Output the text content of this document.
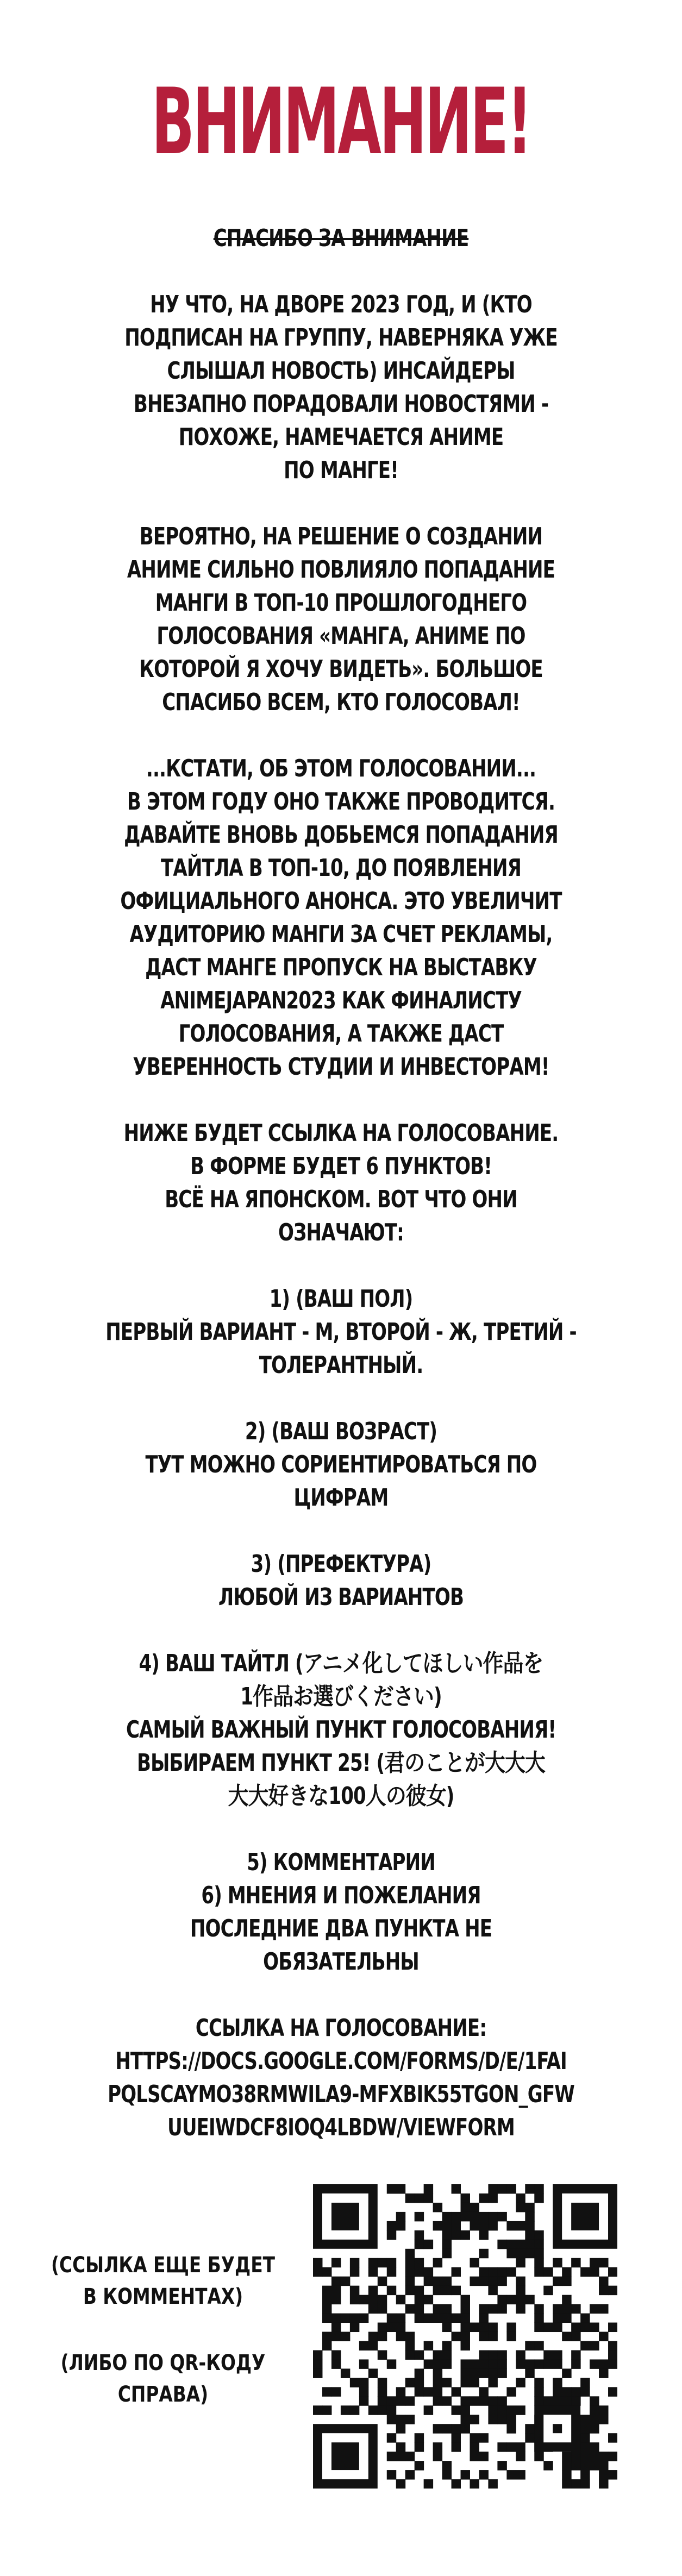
ВНИМАНИЕ!
СПАСИБО ЗА ВНИМАНИЕ
НУ ЧТО, НА ДВОРЕ 2023 ГОД, И (КТО
ПОДПИСАН НА ГРУППУ, НАВЕРНЯКА УЖЕ
СЛЫШАЛ НОВОСТЬ) ИНСАЙДЕРЫ
ВНЕЗАПНО ПОРАДОВАЛИ НОВОСТЯМИ -
ПОХОЖЕ, НАМЕЧАЕТСЯ АНИМЕ
ПО МАНГЕ!
ВЕРОЯТНО, НА РЕШЕНИЕ О СОЗДАНИИ
АНИМЕ СИЛЬНО ПОВЛИЯЛО ПОПАДАНИЕ
МАНГИ В ТОП-10 ПРОШЛОГОДНЕГО
ГОЛОСОВАНИЯ «МАНГА, АНИМЕ ПО
КОТОРОЙ Я ХОЧУ ВИДЕТЬ». БОЛЬШОЕ
СПАСИБО ВСЕМ, КТО ГОЛОСОВАЛ!
...КСТАТИ, ОБ ЭТОМ ГОЛОСОВАНИИ...
В ЭТОМ ГОДУ ОНО ТАКЖЕ ПРОВОДИТСЯ.
ДАВАЙТЕ ВНОВЬ ДОБЬЕМСЯ ПОПАДАНИЯ
ТАЙТЛА В ТОП-10, ДО ПОЯВЛЕНИЯ
ОФИЦИАЛЬНОГО АНОНСА. ЭТО УВЕЛИЧИТ
АУДИТОРИЮ МАНГИ ЗА СЧЕТ РЕКЛАМЫ,
ДАСТ МАНГЕ ПРОПУСК НА ВЫСТАВКУ
ANIMEJAPAN2023 КАК ФИНАЛИСТУ
ГОЛОСОВАНИЯ, А ТАКЖЕ ДАСТ
УВЕРЕННОСТЬ СТУДИИ И ИНВЕСТОРАМ!
НИЖЕ БУДЕТ ССЫЛКА НА ГОЛОСОВАНИЕ.
В ФОРМЕ БУДЕТ 6 ПУНКТОВ!
ВСЁ НА ЯПОНСКОМ. ВОТ ЧТО ОНИ
ОЗНАЧАЮТ:
1) (ВАШ ПОЛ)
ПЕРВЫЙ ВАРИАНТ - М, ВТОРОЙ - Ж, ТРЕТИЙ -
ТОЛЕРАНТНЫЙ.
2) (ВАШ ВОЗРАСТ)
ТУТ МОЖНО СОРИЕНТИРОВАТЬСЯ ПО
ЦИФРАМ
3) (ПРЕФЕКТУРА)
ЛЮБОЙ ИЗ ВАРИАНТОВ
4) ВАШ ТАЙТЛ (アニメ化してほしい作品を
1作品お選びください)
САМЫЙ ВАЖНЫЙ ПУНКТ ГОЛОСОВАНИЯ!
ВЫБИРАЕМ ПУНКТ 25! (君のことが大大大
大大好きな100人の彼女)
5) КОММЕНТАРИИ
6) МНЕНИЯ И ПОЖЕЛАНИЯ
ПОСЛЕДНИЕ ДВА ПУНКТА НЕ
ОБЯЗАТЕЛЬНЫ
ССЫЛКА НА ГОЛОСОВАНИЕ:
HTTPS://DOCS.GOOGLE.COM/FORMS/D/E/1FAI
PQLSCAYMO38RMWILA9-MFXBIK55TGON_GFW
UUEIWDCF8IOQ4LBDW/VIEWFORM
(ССЫЛКА ЕЩЕ БУДЕТ
В КОММЕНТАХ)
(ЛИБО ПО QR-КОДУ
СПРАВА)
